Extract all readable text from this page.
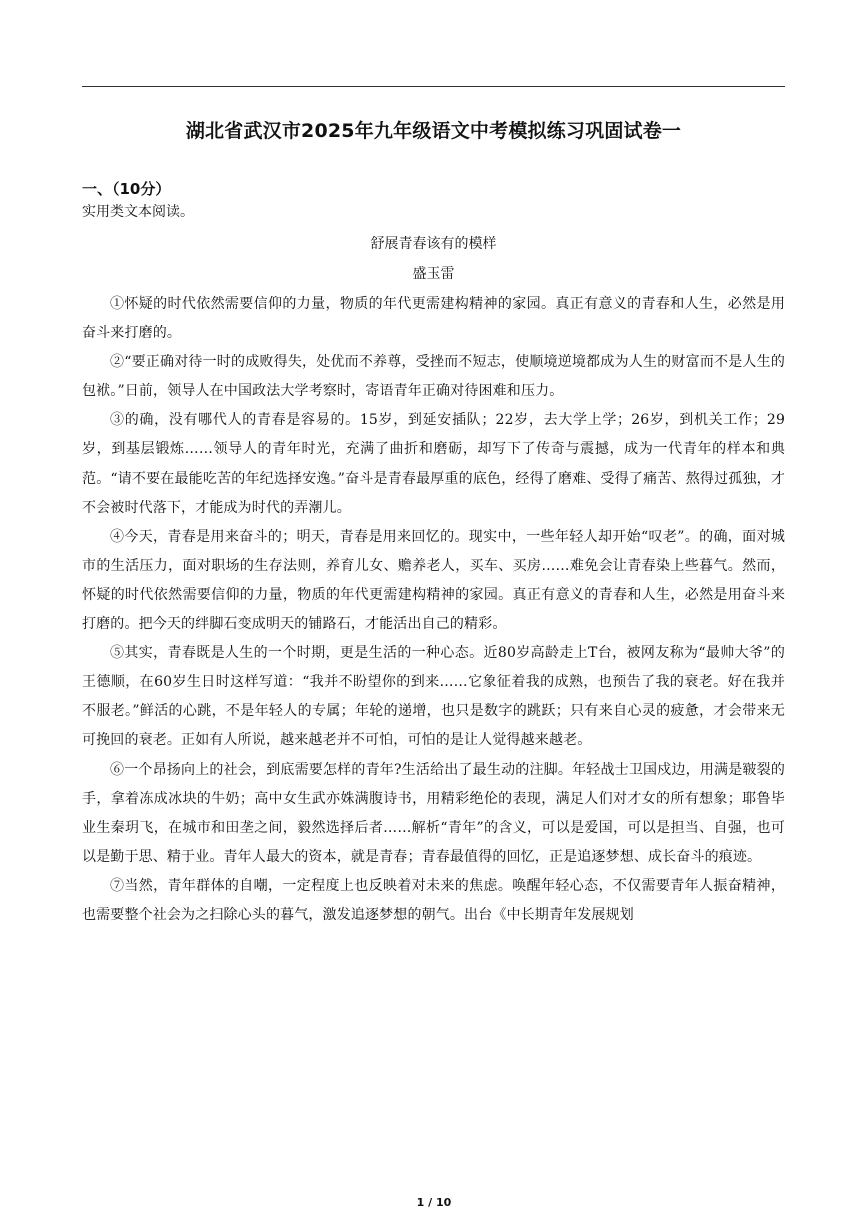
湖北省武汉市2025年九年级语文中考模拟练习巩固试卷一

一、（10分）

实用类文本阅读。

舒展青春该有的模样

盛玉雷

①怀疑的时代依然需要信仰的力量，物质的年代更需建构精神的家园。真正有意义的青春和人生，必然是用奋斗来打磨的。

②“要正确对待一时的成败得失，处优而不养尊，受挫而不短志，使顺境逆境都成为人生的财富而不是人生的包袱。”日前，领导人在中国政法大学考察时，寄语青年正确对待困难和压力。

③的确，没有哪代人的青春是容易的。15岁，到延安插队；22岁，去大学上学；26岁，到机关工作；29岁，到基层锻炼……领导人的青年时光，充满了曲折和磨砺，却写下了传奇与震撼，成为一代青年的样本和典范。“请不要在最能吃苦的年纪选择安逸。”奋斗是青春最厚重的底色，经得了磨难、受得了痛苦、熬得过孤独，才不会被时代落下，才能成为时代的弄潮儿。

④今天，青春是用来奋斗的；明天，青春是用来回忆的。现实中，一些年轻人却开始“叹老”。的确，面对城市的生活压力，面对职场的生存法则，养育儿女、赡养老人，买车、买房……难免会让青春染上些暮气。然而，怀疑的时代依然需要信仰的力量，物质的年代更需建构精神的家园。真正有意义的青春和人生，必然是用奋斗来打磨的。把今天的绊脚石变成明天的铺路石，才能活出自己的精彩。

⑤其实，青春既是人生的一个时期，更是生活的一种心态。近80岁高龄走上T台，被网友称为“最帅大爷”的王德顺，在60岁生日时这样写道：“我并不盼望你的到来……它象征着我的成熟，也预告了我的衰老。好在我并不服老。”鲜活的心跳，不是年轻人的专属；年轮的递增，也只是数字的跳跃；只有来自心灵的疲惫，才会带来无可挽回的衰老。正如有人所说，越来越老并不可怕，可怕的是让人觉得越来越老。

⑥一个昂扬向上的社会，到底需要怎样的青年?生活给出了最生动的注脚。年轻战士卫国戍边，用满是皲裂的手，拿着冻成冰块的牛奶；高中女生武亦姝满腹诗书，用精彩绝伦的表现，满足人们对才女的所有想象；耶鲁毕业生秦玥飞，在城市和田垄之间，毅然选择后者……解析“青年”的含义，可以是爱国，可以是担当、自强，也可以是勤于思、精于业。青年人最大的资本，就是青春；青春最值得的回忆，正是追逐梦想、成长奋斗的痕迹。

⑦当然，青年群体的自嘲，一定程度上也反映着对未来的焦虑。唤醒年轻心态，不仅需要青年人振奋精神，也需要整个社会为之扫除心头的暮气，激发追逐梦想的朝气。出台《中长期青年发展规划

1 / 10
